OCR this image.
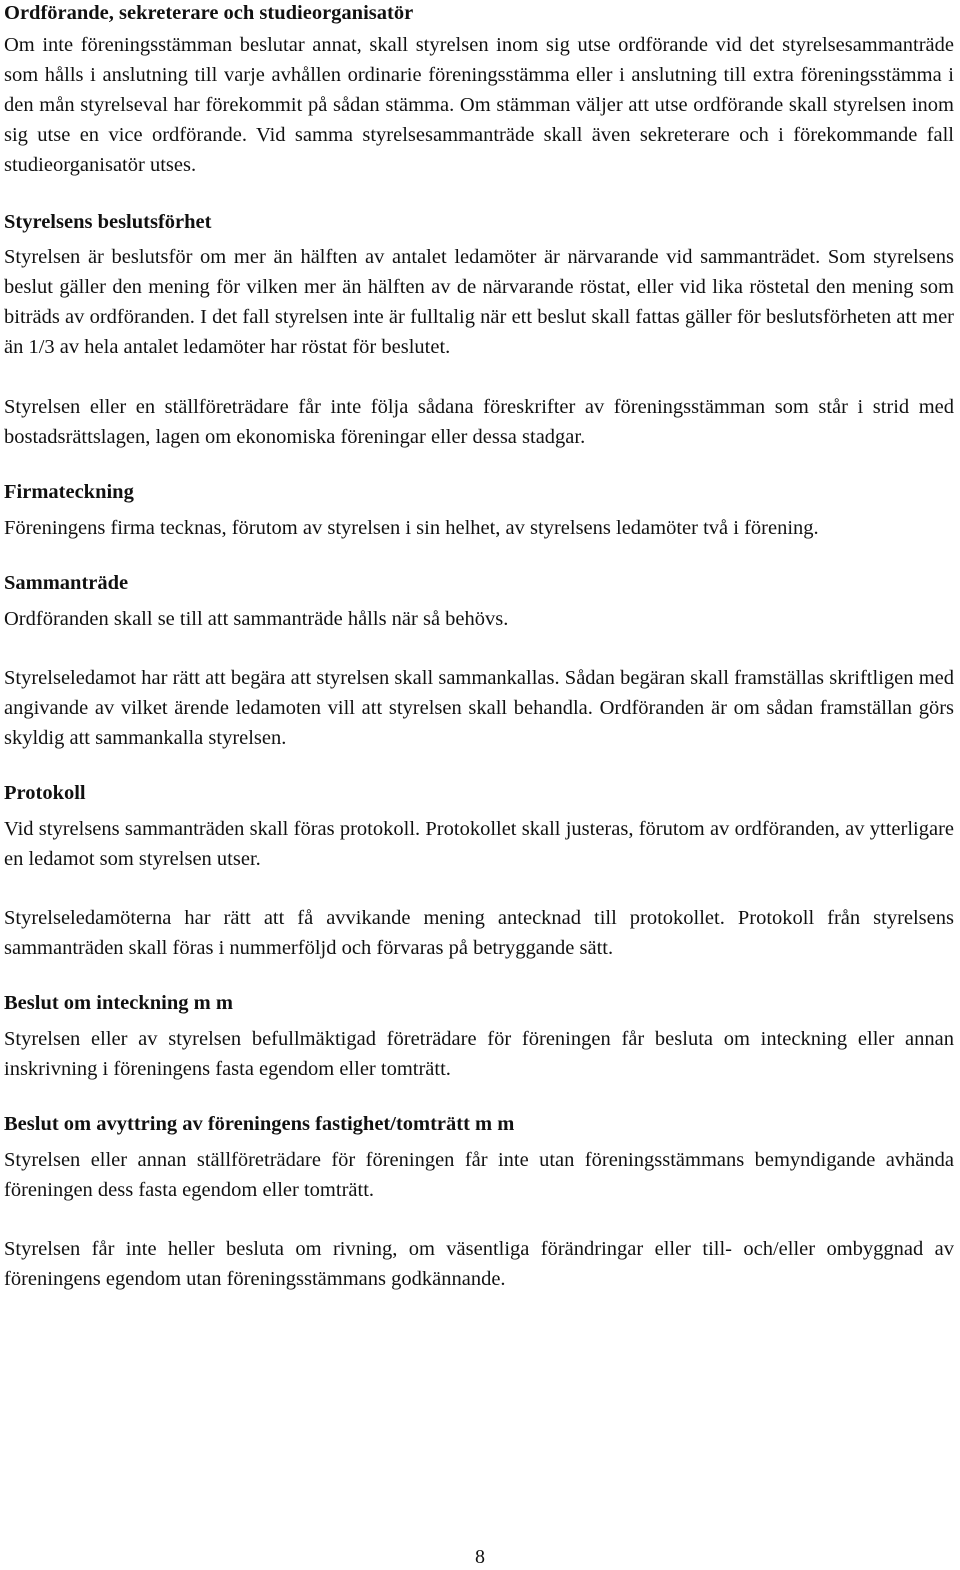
Ordförande, sekreterare och studieorganisatör

Om inte föreningsstämman beslutar annat, skall styrelsen inom sig utse ordförande vid det styrelsesammanträde som hålls i anslutning till varje avhållen ordinarie föreningsstämma eller i anslutning till extra föreningsstämma i den mån styrelseval har förekommit på sådan stämma. Om stämman väljer att utse ordförande skall styrelsen inom sig utse en vice ordförande. Vid samma styrelsesammanträde skall även sekreterare och i förekommande fall studieorganisatör utses.

Styrelsens beslutsförhet

Styrelsen är beslutsför om mer än hälften av antalet ledamöter är närvarande vid sammanträdet. Som styrelsens beslut gäller den mening för vilken mer än hälften av de närvarande röstat, eller vid lika röstetal den mening som biträds av ordföranden. I det fall styrelsen inte är fulltalig när ett beslut skall fattas gäller för beslutsförheten att mer än 1/3 av hela antalet ledamöter har röstat för beslutet.

Styrelsen eller en ställföreträdare får inte följa sådana föreskrifter av föreningsstämman som står i strid med bostadsrättslagen, lagen om ekonomiska föreningar eller dessa stadgar.

Firmateckning

Föreningens firma tecknas, förutom av styrelsen i sin helhet, av styrelsens ledamöter två i förening.

Sammanträde

Ordföranden skall se till att sammanträde hålls när så behövs.

Styrelseledamot har rätt att begära att styrelsen skall sammankallas. Sådan begäran skall framställas skriftligen med angivande av vilket ärende ledamoten vill att styrelsen skall behandla. Ordföranden är om sådan framställan görs skyldig att sammankalla styrelsen.

Protokoll

Vid styrelsens sammanträden skall föras protokoll. Protokollet skall justeras, förutom av ordföranden, av ytterligare en ledamot som styrelsen utser.

Styrelseledamöterna har rätt att få avvikande mening antecknad till protokollet. Protokoll från styrelsens sammanträden skall föras i nummerföljd och förvaras på betryggande sätt.

Beslut om inteckning m m

Styrelsen eller av styrelsen befullmäktigad företrädare för föreningen får besluta om inteckning eller annan inskrivning i föreningens fasta egendom eller tomträtt.

Beslut om avyttring av föreningens fastighet/tomträtt m m

Styrelsen eller annan ställföreträdare för föreningen får inte utan föreningsstämmans bemyndigande avhända föreningen dess fasta egendom eller tomträtt.

Styrelsen får inte heller besluta om rivning, om väsentliga förändringar eller till- och/eller ombyggnad av föreningens egendom utan föreningsstämmans godkännande.

8
